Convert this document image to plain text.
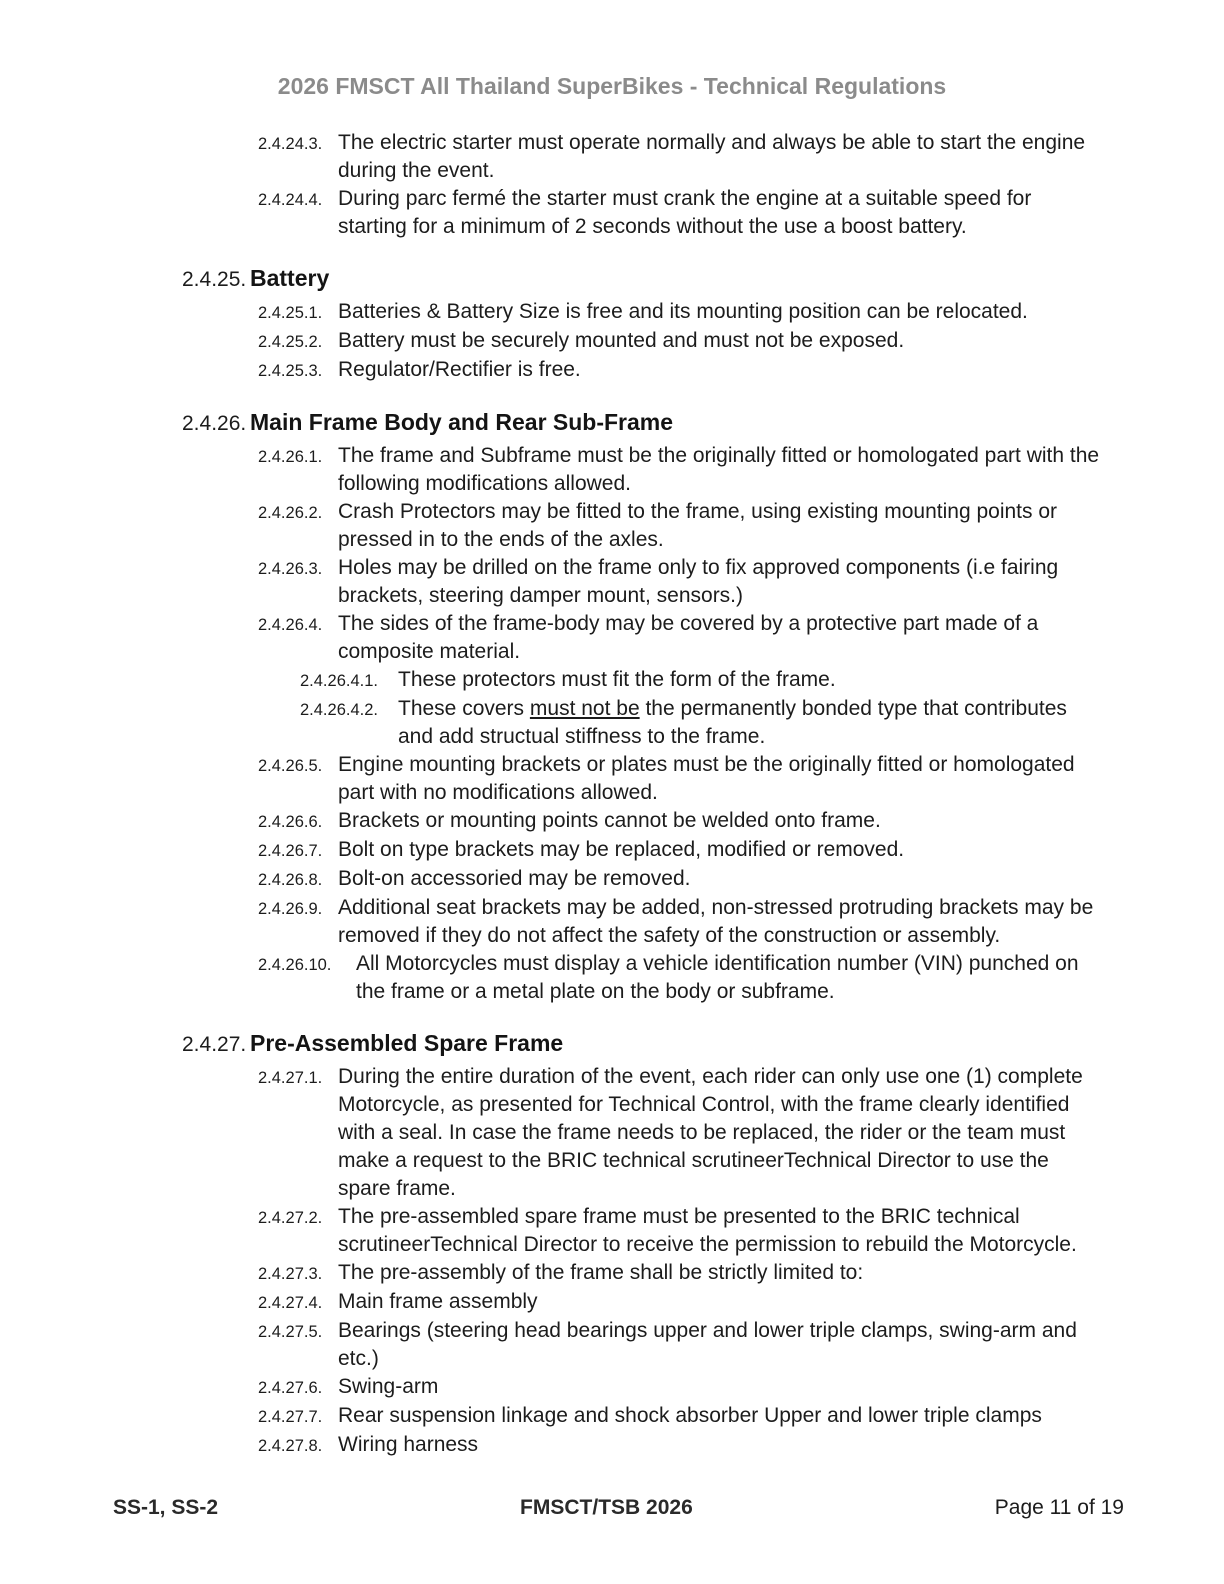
2026 FMSCT All Thailand SuperBikes - Technical Regulations
2.4.24.3. The electric starter must operate normally and always be able to start the engine during the event.
2.4.24.4. During parc fermé the starter must crank the engine at a suitable speed for starting for a minimum of 2 seconds without the use a boost battery.
2.4.25. Battery
2.4.25.1. Batteries & Battery Size is free and its mounting position can be relocated.
2.4.25.2. Battery must be securely mounted and must not be exposed.
2.4.25.3. Regulator/Rectifier is free.
2.4.26. Main Frame Body and Rear Sub-Frame
2.4.26.1. The frame and Subframe must be the originally fitted or homologated part with the following modifications allowed.
2.4.26.2. Crash Protectors may be fitted to the frame, using existing mounting points or pressed in to the ends of the axles.
2.4.26.3. Holes may be drilled on the frame only to fix approved components (i.e fairing brackets, steering damper mount, sensors.)
2.4.26.4. The sides of the frame-body may be covered by a protective part made of a composite material.
2.4.26.4.1. These protectors must fit the form of the frame.
2.4.26.4.2. These covers must not be the permanently bonded type that contributes and add structual stiffness to the frame.
2.4.26.5. Engine mounting brackets or plates must be the originally fitted or homologated part with no modifications allowed.
2.4.26.6. Brackets or mounting points cannot be welded onto frame.
2.4.26.7. Bolt on type brackets may be replaced, modified or removed.
2.4.26.8. Bolt-on accessoried may be removed.
2.4.26.9. Additional seat brackets may be added, non-stressed protruding brackets may be removed if they do not affect the safety of the construction or assembly.
2.4.26.10.	All Motorcycles must display a vehicle identification number (VIN) punched on the frame or a metal plate on the body or subframe.
2.4.27. Pre-Assembled Spare Frame
2.4.27.1. During the entire duration of the event, each rider can only use one (1) complete Motorcycle, as presented for Technical Control, with the frame clearly identified with a seal. In case the frame needs to be replaced, the rider or the team must make a request to the BRIC technical scrutineerTechnical Director to use the spare frame.
2.4.27.2. The pre-assembled spare frame must be presented to the BRIC technical scrutineerTechnical Director to receive the permission to rebuild the Motorcycle.
2.4.27.3. The pre-assembly of the frame shall be strictly limited to:
2.4.27.4. Main frame assembly
2.4.27.5. Bearings (steering head bearings upper and lower triple clamps, swing-arm and etc.)
2.4.27.6. Swing-arm
2.4.27.7. Rear suspension linkage and shock absorber Upper and lower triple clamps
2.4.27.8. Wiring harness
SS-1, SS-2	FMSCT/TSB 2026	Page 11 of 19
